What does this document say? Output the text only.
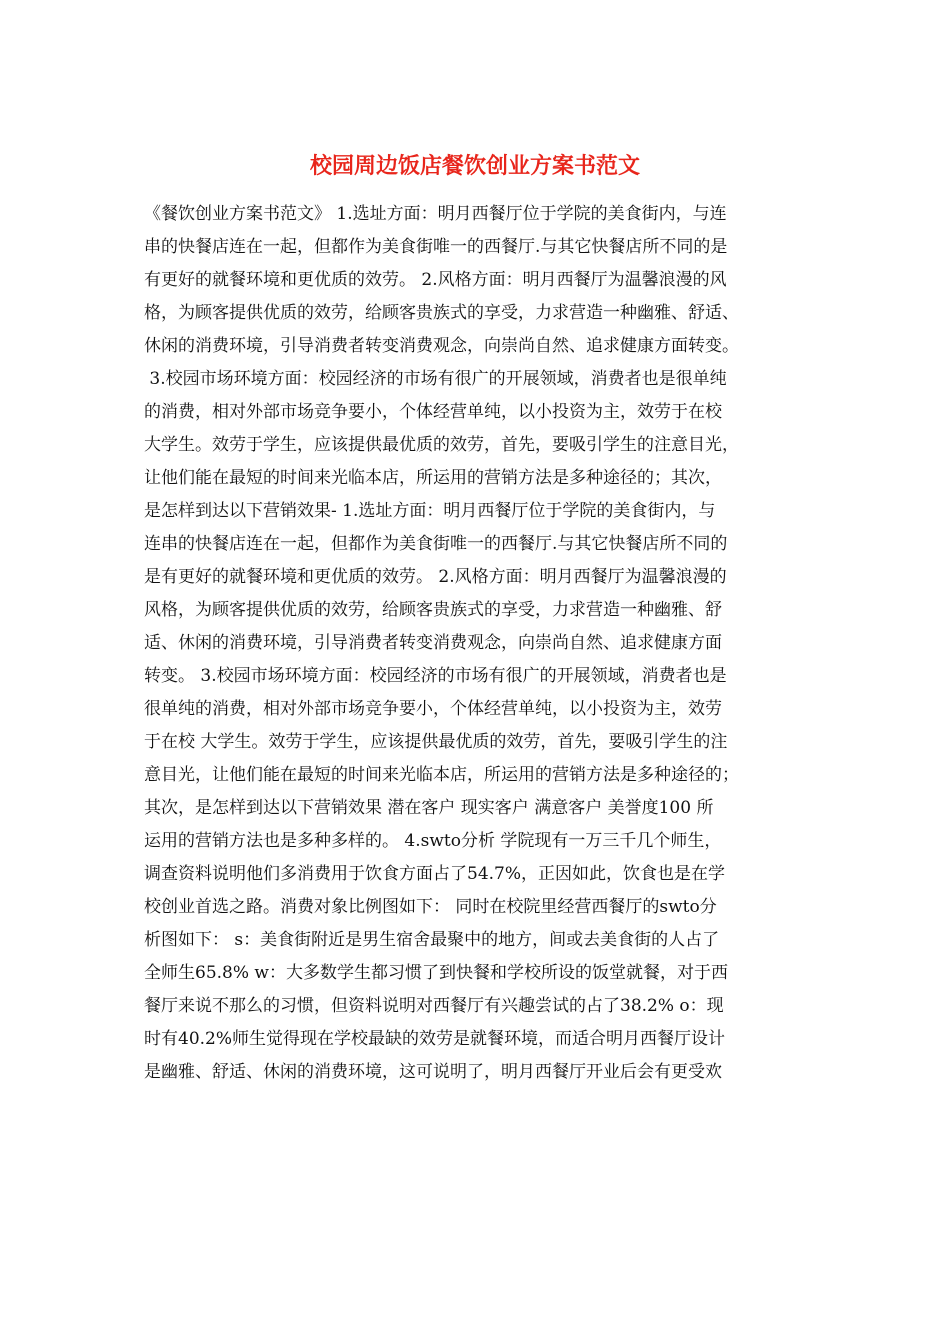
校园周边饭店餐饮创业方案书范文
《餐饮创业方案书范文》 1.选址方面：明月西餐厅位于学院的美食街内，与连
串的快餐店连在一起，但都作为美食街唯一的西餐厅.与其它快餐店所不同的是
有更好的就餐环境和更优质的效劳。 2.风格方面：明月西餐厅为温馨浪漫的风
格，为顾客提供优质的效劳，给顾客贵族式的享受，力求营造一种幽雅、舒适、
休闲的消费环境，引导消费者转变消费观念，向崇尚自然、追求健康方面转变。
3.校园市场环境方面：校园经济的市场有很广的开展领域，消费者也是很单纯
的消费，相对外部市场竞争要小，个体经营单纯，以小投资为主，效劳于在校
大学生。效劳于学生，应该提供最优质的效劳，首先，要吸引学生的注意目光，
让他们能在最短的时间来光临本店，所运用的营销方法是多种途径的；其次，
是怎样到达以下营销效果- 1.选址方面：明月西餐厅位于学院的美食街内，与
连串的快餐店连在一起，但都作为美食街唯一的西餐厅.与其它快餐店所不同的
是有更好的就餐环境和更优质的效劳。 2.风格方面：明月西餐厅为温馨浪漫的
风格，为顾客提供优质的效劳，给顾客贵族式的享受，力求营造一种幽雅、舒
适、休闲的消费环境，引导消费者转变消费观念，向崇尚自然、追求健康方面
转变。 3.校园市场环境方面：校园经济的市场有很广的开展领域，消费者也是
很单纯的消费，相对外部市场竞争要小，个体经营单纯，以小投资为主，效劳
于在校 大学生。效劳于学生，应该提供最优质的效劳，首先，要吸引学生的注
意目光，让他们能在最短的时间来光临本店，所运用的营销方法是多种途径的；
其次，是怎样到达以下营销效果 潜在客户 现实客户 满意客户 美誉度100 所
运用的营销方法也是多种多样的。 4.swto分析 学院现有一万三千几个师生，
调查资料说明他们多消费用于饮食方面占了54.7%，正因如此，饮食也是在学
校创业首选之路。消费对象比例图如下： 同时在校院里经营西餐厅的swto分
析图如下： s：美食街附近是男生宿舍最聚中的地方，间或去美食街的人占了
全师生65.8% w：大多数学生都习惯了到快餐和学校所设的饭堂就餐，对于西
餐厅来说不那么的习惯，但资料说明对西餐厅有兴趣尝试的占了38.2% o：现
时有40.2%师生觉得现在学校最缺的效劳是就餐环境，而适合明月西餐厅设计
是幽雅、舒适、休闲的消费环境，这可说明了，明月西餐厅开业后会有更受欢
